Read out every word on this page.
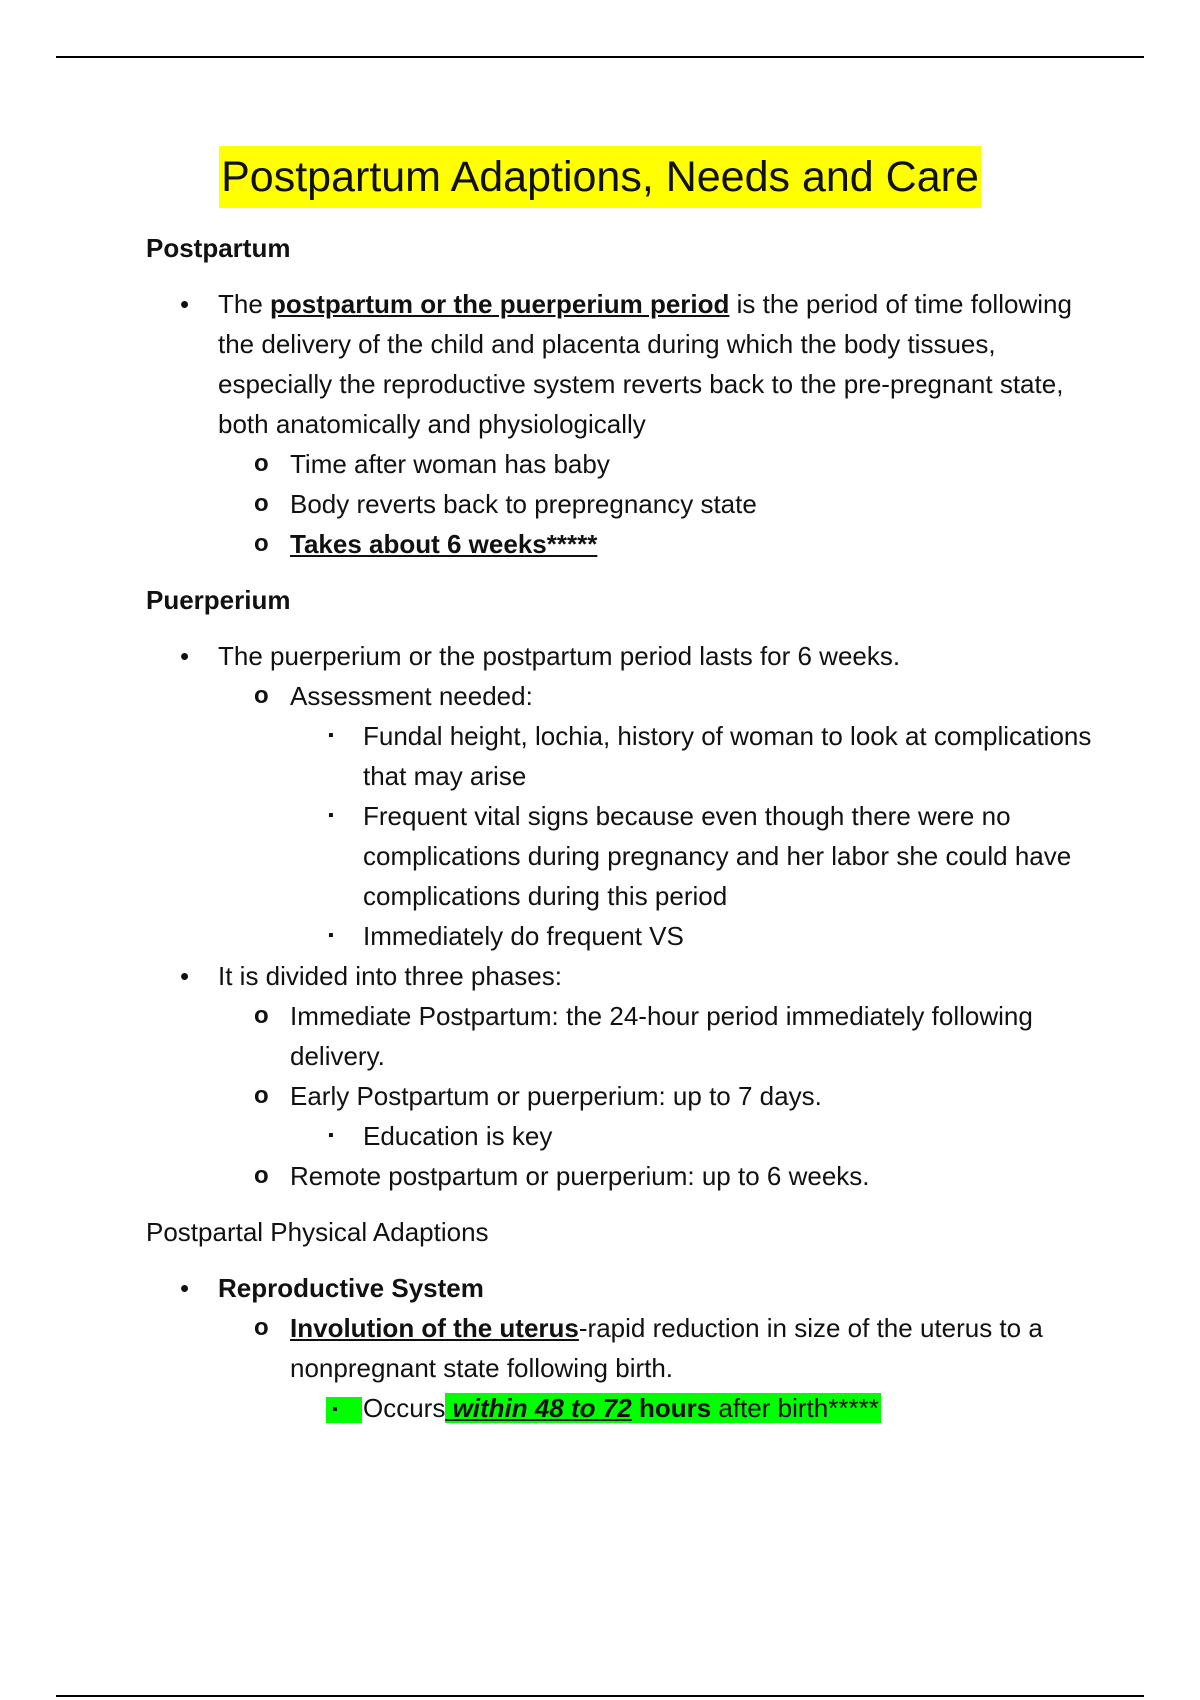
Postpartum Adaptions, Needs and Care

Postpartum

• The postpartum or the puerperium period is the period of time following the delivery of the child and placenta during which the body tissues, especially the reproductive system reverts back to the pre-pregnant state, both anatomically and physiologically
o Time after woman has baby
o Body reverts back to prepregnancy state
o Takes about 6 weeks*****

Puerperium

• The puerperium or the postpartum period lasts for 6 weeks.
o Assessment needed:
▪ Fundal height, lochia, history of woman to look at complications that may arise
▪ Frequent vital signs because even though there were no complications during pregnancy and her labor she could have complications during this period
▪ Immediately do frequent VS
• It is divided into three phases:
o Immediate Postpartum: the 24-hour period immediately following delivery.
o Early Postpartum or puerperium: up to 7 days.
▪ Education is key
o Remote postpartum or puerperium: up to 6 weeks.

Postpartal Physical Adaptions

• Reproductive System
o Involution of the uterus-rapid reduction in size of the uterus to a nonpregnant state following birth.
▪ Occurs within 48 to 72 hours after birth*****
